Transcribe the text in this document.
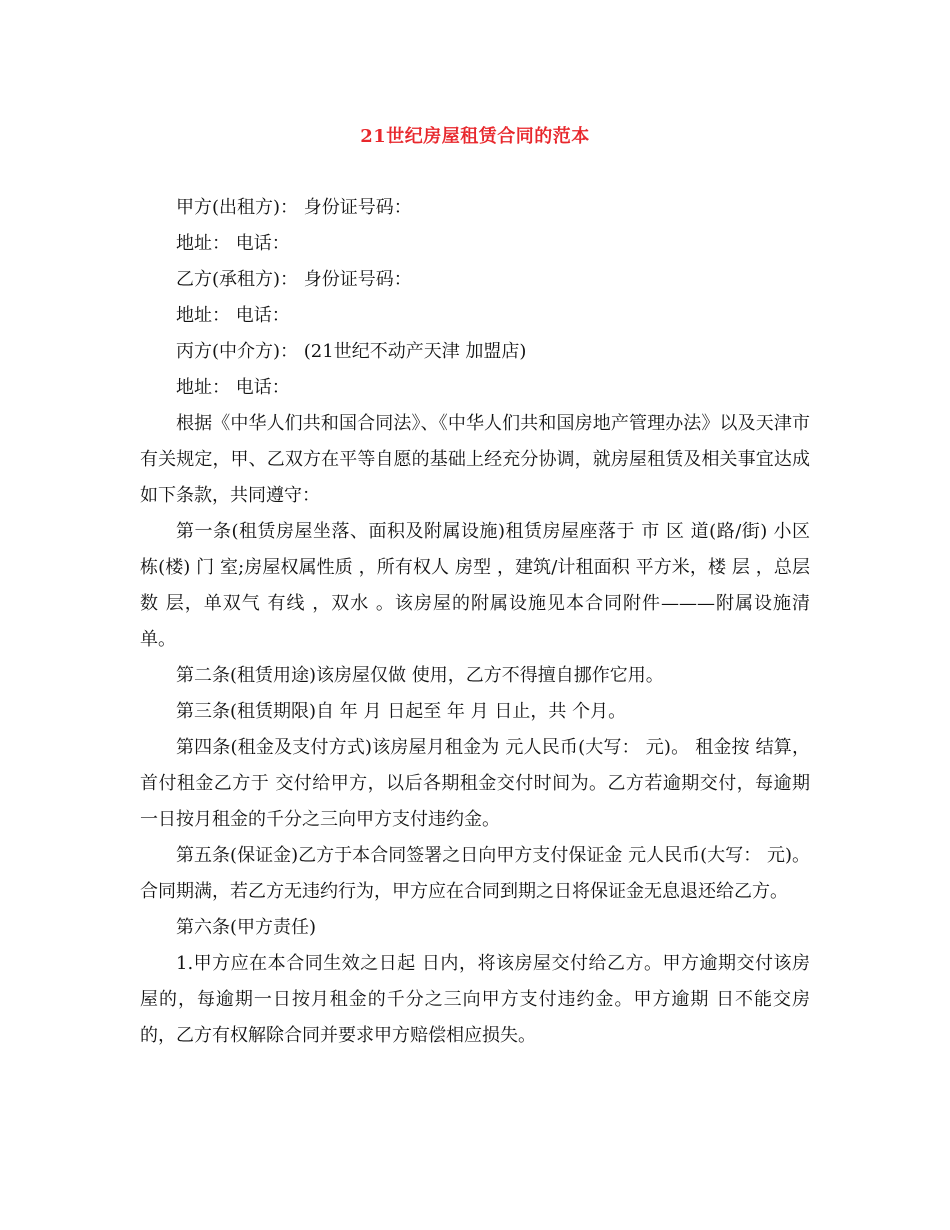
21世纪房屋租赁合同的范本

甲方(出租方)： 身份证号码：

地址： 电话：

乙方(承租方)： 身份证号码：

地址： 电话：

丙方(中介方)： (21世纪不动产天津 加盟店)

地址： 电话：

根据《中华人们共和国合同法》、《中华人们共和国房地产管理办法》以及天津市有关规定，甲、乙双方在平等自愿的基础上经充分协调，就房屋租赁及相关事宜达成如下条款，共同遵守：

第一条(租赁房屋坐落、面积及附属设施)租赁房屋座落于 市 区 道(路/街) 小区 栋(楼) 门 室;房屋权属性质 ，所有权人 房型 ，建筑/计租面积 平方米，楼 层 ，总层数 层，单双气 有线 ，双水 。该房屋的附属设施见本合同附件———附属设施清单。

第二条(租赁用途)该房屋仅做 使用，乙方不得擅自挪作它用。

第三条(租赁期限)自 年 月 日起至 年 月 日止，共 个月。

第四条(租金及支付方式)该房屋月租金为 元人民币(大写： 元)。 租金按 结算，首付租金乙方于 交付给甲方，以后各期租金交付时间为。乙方若逾期交付，每逾期一日按月租金的千分之三向甲方支付违约金。

第五条(保证金)乙方于本合同签署之日向甲方支付保证金 元人民币(大写： 元)。合同期满，若乙方无违约行为，甲方应在合同到期之日将保证金无息退还给乙方。

第六条(甲方责任)

1.甲方应在本合同生效之日起 日内，将该房屋交付给乙方。甲方逾期交付该房屋的，每逾期一日按月租金的千分之三向甲方支付违约金。甲方逾期 日不能交房的，乙方有权解除合同并要求甲方赔偿相应损失。
